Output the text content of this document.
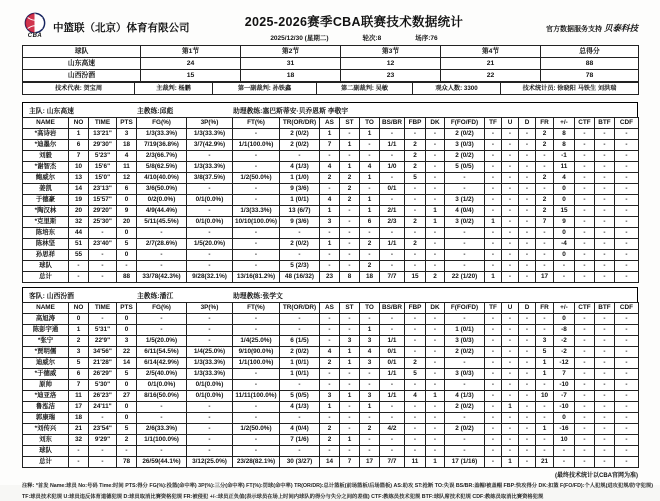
CBA
中篮联（北京）体育有限公司	2025-2026赛季CBA联赛技术数据统计
2025/12/30 (星期二)	轮次:8	场序:76
官方数据服务支持 贝泰科技
球队	第1节	第2节	第3节	第4节	总得分
山东高速	24	31	12	21	88
山西汾酒	15	18	23	22	78
技术代表: 贺宝周	主裁判: 杨鹏	第一副裁判: 孙铁鑫	第二副裁判: 吴敏	观众人数: 3300	技术统计员: 徐晓阳 马铁生 刘洪瑞
主队: 山东高速	主教练:邱彪	助理教练:塞巴斯蒂安·贝乔恩斯 李敬宇
NAME	NO	TIME	PTS	FG(%)	3P(%)	FT(%)	TR(OR/DR)	AS	ST	TO	BS/BR	FBP	DK	F(FO/FD)	TF	U	D	FR	+/-	CTF	BTF	CDF
*高诗岩	1	13'21"	3	1/3(33.3%)	1/3(33.3%)	-	2 (0/2)	1	-	1	-	-	-	2 (0/2)	-	-	-	2	8	-	-	-
*迪墨尔	6	29'30"	18	7/19(36.8%)	3/7(42.9%)	1/1(100.0%)	2 (0/2)	7	1	-	1/1	2	-	3 (0/3)	-	-	-	2	8	-	-	-
刘毅	7	5'23"	4	2/3(66.7%)	-	-	-	-	-	-	-	2	-	2 (0/2)	-	-	-	-	-1	-	-	-
*谢智杰	10	15'6"	11	5/8(62.5%)	1/3(33.3%)	-	4 (1/3)	4	1	4	1/0	2	-	5 (0/5)	-	-	-	-	11	-	-	-
鲍威尔	13	15'0"	12	4/10(40.0%)	3/8(37.5%)	1/2(50.0%)	1 (1/0)	2	2	1	-	5	-	-	-	-	-	2	4	-	-	-
姜凯	14	23'13"	6	3/6(50.0%)	-	-	9 (3/6)	-	2	-	0/1	-	-	-	-	-	-	-	0	-	-	-
于德豪	19	15'57"	0	0/2(0.0%)	0/1(0.0%)	-	1 (0/1)	4	2	1	-	-	-	3 (1/2)	-	-	-	2	0	-	-	-
*陶汉林	20	29'20"	9	4/9(44.4%)	-	1/3(33.3%)	13 (6/7)	1	-	1	2/1	-	1	4 (0/4)	-	-	-	2	15	-	-	-
*克里斯	32	25'30"	20	5/11(45.5%)	0/1(0.0%)	10/10(100.0%)	9 (3/6)	3	-	6	2/3	2	1	3 (0/2)	1	-	-	7	9	-	-	-
陈培东	44	-	0	-	-	-	-	-	-	-	-	-	-	-	-	-	-	-	0	-	-	-
陈林坚	51	23'40"	5	2/7(28.6%)	1/5(20.0%)	-	2 (0/2)	1	-	2	1/1	2	-	-	-	-	-	-	-4	-	-	-
孙思祥	55	-	0	-	-	-	-	-	-	-	-	-	-	-	-	-	-	-	0	-	-	-
球队	-	-	-	-	-	-	5 (2/3)	-	-	2	-	-	-	-	-	-	-	-	-	-	-	-
总计	-	-	88	33/78(42.3%)	9/28(32.1%)	13/16(81.2%)	48 (16/32)	23	8	18	7/7	15	2	22 (1/20)	1	-	-	17	-	-	-	-
客队: 山西汾酒	主教练:潘江	助理教练:张学文
NAME	NO	TIME	PTS	FG(%)	3P(%)	FT(%)	TR(OR/DR)	AS	ST	TO	BS/BR	FBP	DK	F(FO/FD)	TF	U	D	FR	+/-	CTF	BTF	CDF
高旭涛	0	-	0	-	-	-	-	-	-	-	-	-	-	-	-	-	-	-	0	-	-	-
陈彭宇通	1	5'31"	0	-	-	-	-	-	-	1	-	-	-	1 (0/1)	-	-	-	-	-8	-	-	-
*张宁	2	22'9"	3	1/5(20.0%)	-	1/4(25.0%)	6 (1/5)	-	3	3	1/1	-	-	3 (0/3)	-	-	-	3	-2	-	-	-
*贾明儒	3	34'56"	22	6/11(54.5%)	1/4(25.0%)	9/10(90.0%)	2 (0/2)	4	1	4	0/1	-	-	2 (0/2)	-	-	-	5	-2	-	-	-
迪威尔	5	21'28"	14	6/14(42.9%)	1/3(33.3%)	1/1(100.0%)	1 (0/1)	2	1	3	0/1	2	-	-	-	-	-	1	-12	-	-	-
*于德威	6	26'29"	5	2/5(40.0%)	1/3(33.3%)	-	1 (0/1)	-	-	-	1/1	5	-	3 (0/3)	-	-	-	1	7	-	-	-
原帅	7	5'30"	0	0/1(0.0%)	0/1(0.0%)	-	-	-	-	-	-	-	-	-	-	-	-	-	-10	-	-	-
*迪亚洛	11	26'23"	27	8/16(50.0%)	0/1(0.0%)	11/11(100.0%)	5 (0/5)	3	1	3	1/1	4	1	4 (1/3)	-	-	-	10	-7	-	-	-
鲁泓洁	17	24'11"	0	-	-	-	4 (1/3)	1	-	1	-	-	-	2 (0/2)	-	1	-	-	-10	-	-	-
郭康瑞	18	-	0	-	-	-	-	-	-	-	-	-	-	-	-	-	-	-	0	-	-	-
*刘传兴	21	23'54"	5	2/6(33.3%)	-	1/2(50.0%)	4 (0/4)	2	-	2	4/2	-	-	2 (0/2)	-	-	-	1	-16	-	-	-
刘东	32	9'29"	2	1/1(100.0%)	-	-	7 (1/6)	2	1	-	-	-	-	-	-	-	-	-	10	-	-	-
球队	-	-	-	-	-	-	-	-	-	-	-	-	-	-	-	-	-	-	-	-	-	-
总计	-	-	78	26/59(44.1%)	3/12(25.0%)	23/28(82.1%)	30 (3/27)	14	7	17	7/7	11	1	17 (1/16)	-	1	-	21	-	-	-	-
(最终技术统计以CBA官网为准)
注释: *首发 Name:球员 No:号码 Time:时间 PTS:得分 FG(%):投篮(命中率) 3P(%):三分(命中率) FT(%):罚球(命中率) TR(OR/DR):总计篮板(前场篮板/后场篮板) AS:助攻 ST:抢断 TO:失误 BS/BR:盖帽/被盖帽 FBP:快攻得分 DK:扣篮 F(FO/FD):个人犯规(进攻犯规/防守犯规)
TF:球员技术犯规 U:球员违反体育道德犯规 D:球员取消比赛资格犯规 FR:被侵犯 +/-:球员正负值(表示球员在场上时间内球队的得分与失分之间的差值) CTF:教练员技术犯规 BTF:球队席技术犯规 CDF:教练员取消比赛资格犯规
